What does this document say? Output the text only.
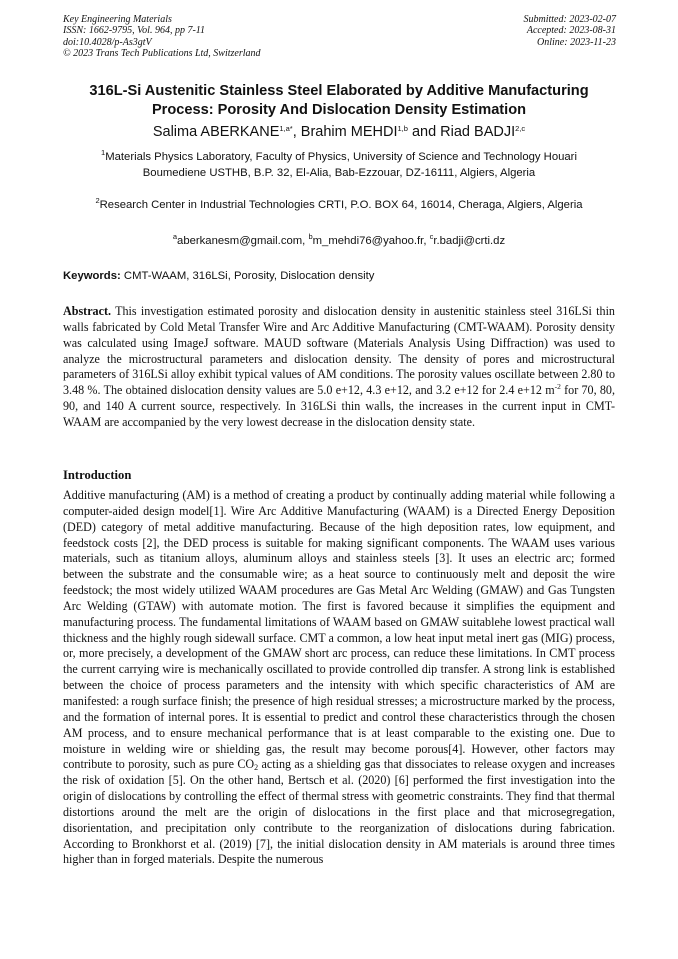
Key Engineering Materials
ISSN: 1662-9795, Vol. 964, pp 7-11
doi:10.4028/p-As3gtV
© 2023 Trans Tech Publications Ltd, Switzerland
Submitted: 2023-02-07
Accepted: 2023-08-31
Online: 2023-11-23
316L-Si Austenitic Stainless Steel Elaborated by Additive Manufacturing Process: Porosity And Dislocation Density Estimation
Salima $ABERKANE^{1,a*}$, Brahim MEHDI$^{1,b}$ and Riad BADJI$^{2,c}$
$^1$Materials Physics Laboratory, Faculty of Physics, University of Science and Technology Houari Boumediene USTHB, B.P. 32, El-Alia, Bab-Ezzouar, DZ-16111, Algiers, Algeria
$^2$Research Center in Industrial Technologies CRTI, P.O. BOX 64, 16014, Cheraga, Algiers, Algeria
$^a$aberkanesm@gmail.com, $^b$m_mehdi76@yahoo.fr, $^c$r.badji@crti.dz
Keywords: CMT-WAAM, 316LSi, Porosity, Dislocation density

Abstract. This investigation estimated porosity and dislocation density in austenitic stainless steel 316LSi thin walls fabricated by Cold Metal Transfer Wire and Arc Additive Manufacturing (CMT-WAAM). Porosity density was calculated using ImageJ software. MAUD software (Materials Analysis Using Diffraction) was used to analyze the microstructural parameters and dislocation density. The density of pores and microstructural parameters of 316LSi alloy exhibit typical values of AM conditions. The porosity values oscillate between 2.80 to 3.48 %. The obtained dislocation density values are 5.0 e+12, 4.3 e+12, and 3.2 e+12 for 2.4 e+12 $m^{-2}$ for 70, 80, 90, and 140 A current source, respectively. In 316LSi thin walls, the increases in the current input in CMT-WAAM are accompanied by the very lowest decrease in the dislocation density state.

Introduction

Additive manufacturing (AM) is a method of creating a product by continually adding material while following a computer-aided design model[1]. Wire Arc Additive Manufacturing (WAAM) is a Directed Energy Deposition (DED) category of metal additive manufacturing. Because of the high deposition rates, low equipment, and feedstock costs [2], the DED process is suitable for making significant components. The WAAM uses various materials, such as titanium alloys, aluminum alloys and stainless steels [3]. It uses an electric arc; formed between the substrate and the consumable wire; as a heat source to continuously melt and deposit the wire feedstock; the most widely utilized WAAM procedures are Gas Metal Arc Welding (GMAW) and Gas Tungsten Arc Welding (GTAW) with automate motion. The first is favored because it simplifies the equipment and manufacturing process. The fundamental limitations of WAAM based on GMAW suitablehe lowest practical wall thickness and the highly rough sidewall surface. CMT a common, a low heat input metal inert gas (MIG) process, or, more precisely, a development of the GMAW short arc process, can reduce these limitations. In CMT process the current carrying wire is mechanically oscillated to provide controlled dip transfer. A strong link is established between the choice of process parameters and the intensity with which specific characteristics of AM are manifested: a rough surface finish; the presence of high residual stresses; a microstructure marked by the process, and the formation of internal pores. It is essential to predict and control these characteristics through the chosen AM process, and to ensure mechanical performance that is at least comparable to the existing one. Due to moisture in welding wire or shielding gas, the result may become porous[4]. However, other factors may contribute to porosity, such as pure $CO_2$ acting as a shielding gas that dissociates to release oxygen and increases the risk of oxidation [5]. On the other hand, Bertsch et al. (2020) [6] performed the first investigation into the origin of dislocations by controlling the effect of thermal stress with geometric constraints. They find that thermal distortions around the melt are the origin of dislocations in the first place and that microsegregation, disorientation, and precipitation only contribute to the reorganization of dislocations during fabrication. According to Bronkhorst et al. (2019) [7], the initial dislocation density in AM materials is around three times higher than in forged materials. Despite the numerous
